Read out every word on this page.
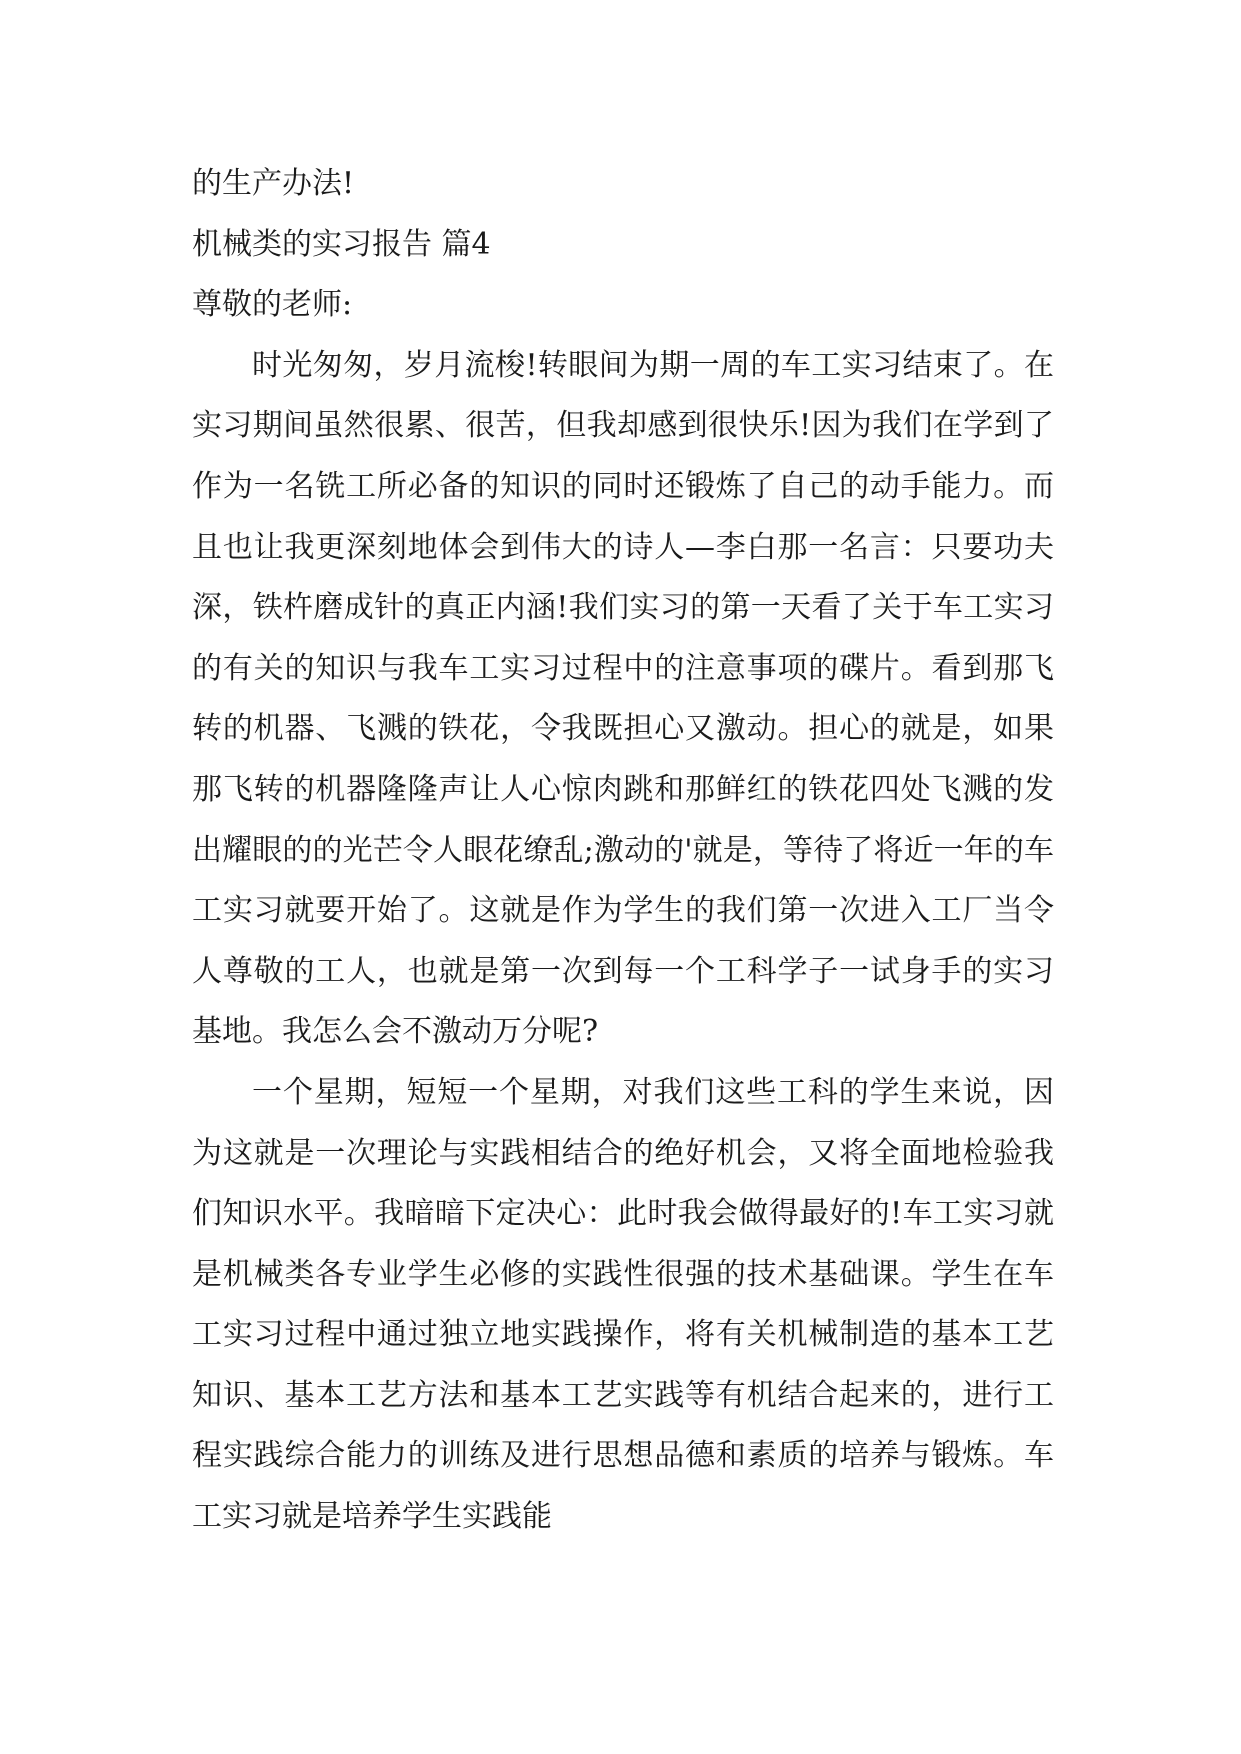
的生产办法!

机械类的实习报告 篇4

尊敬的老师:

时光匆匆，岁月流梭!转眼间为期一周的车工实习结束了。在实习期间虽然很累、很苦，但我却感到很快乐!因为我们在学到了作为一名铣工所必备的知识的同时还锻炼了自己的动手能力。而且也让我更深刻地体会到伟大的诗人—李白那一名言：只要功夫深，铁杵磨成针的真正内涵!我们实习的第一天看了关于车工实习的有关的知识与我车工实习过程中的注意事项的碟片。看到那飞转的机器、飞溅的铁花，令我既担心又激动。担心的就是，如果那飞转的机器隆隆声让人心惊肉跳和那鲜红的铁花四处飞溅的发出耀眼的的光芒令人眼花缭乱;激动的'就是，等待了将近一年的车工实习就要开始了。这就是作为学生的我们第一次进入工厂当令人尊敬的工人，也就是第一次到每一个工科学子一试身手的实习基地。我怎么会不激动万分呢?

一个星期，短短一个星期，对我们这些工科的学生来说，因为这就是一次理论与实践相结合的绝好机会，又将全面地检验我们知识水平。我暗暗下定决心：此时我会做得最好的!车工实习就是机械类各专业学生必修的实践性很强的技术基础课。学生在车工实习过程中通过独立地实践操作，将有关机械制造的基本工艺知识、基本工艺方法和基本工艺实践等有机结合起来的，进行工程实践综合能力的训练及进行思想品德和素质的培养与锻炼。车工实习就是培养学生实践能
